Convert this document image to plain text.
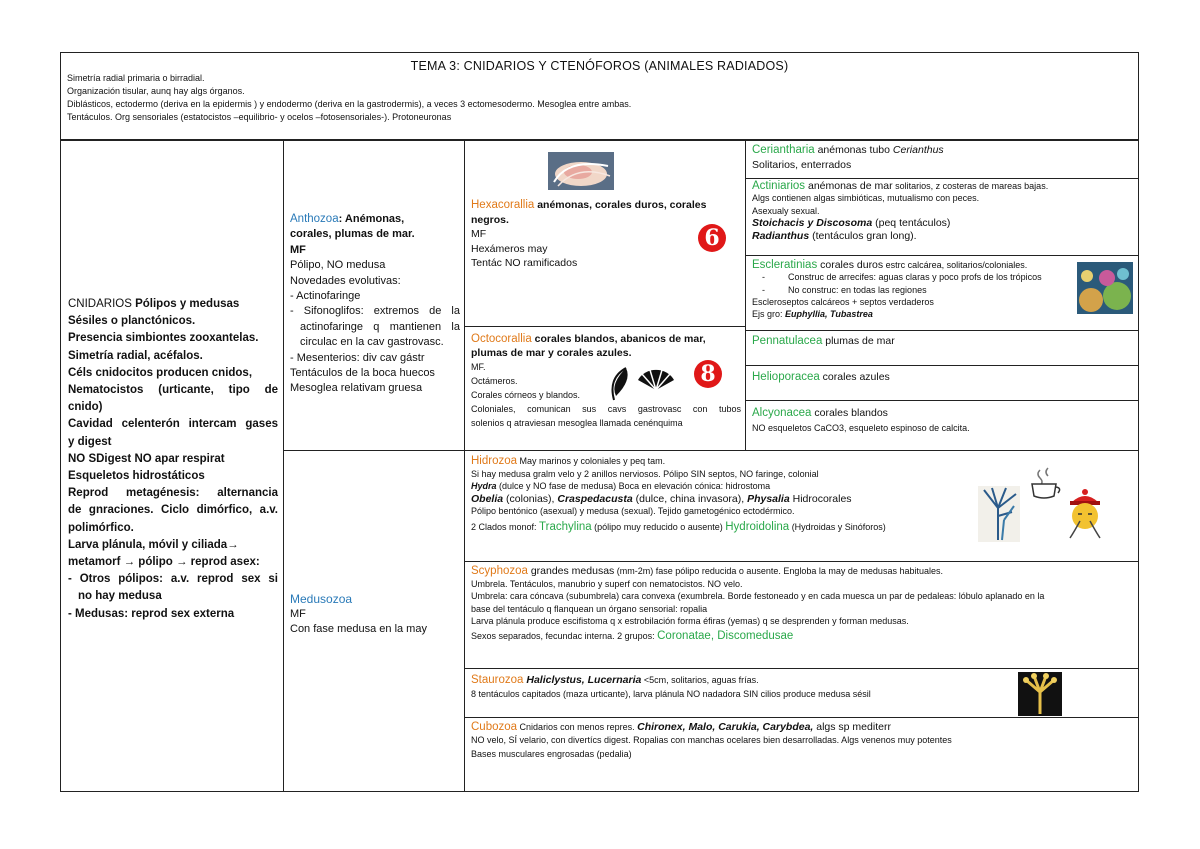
TEMA 3: CNIDARIOS Y CTENÓFOROS (ANIMALES RADIADOS)
Simetría radial primaria o birradial.
Organización tisular, aunq hay algs órganos.
Diblásticos, ectodermo (deriva en la epidermis ) y endodermo (deriva en la gastrodermis), a veces 3 ectomesodermo. Mesoglea entre ambas.
Tentáculos. Org sensoriales (estatocistos –equilibrio- y ocelos –fotosensoriales-). Protoneuronas
CNIDARIOS Pólipos y medusas
Sésiles o planctónicos.
Presencia simbiontes zooxantelas.
Simetría radial, acéfalos.
Céls cnidocitos producen cnidos,
Nematocistos (urticante, tipo de
cnido)
Cavidad celenterón intercam gases
y digest
NO SDigest NO apar respirat
Esqueletos hidrostáticos
Reprod metagénesis: alternancia
de gnraciones. Ciclo dimórfico, a.v.
polimórfico.
Larva plánula, móvil y ciliada→
metamorf → pólipo → reprod asex:
- Otros pólipos: a.v. reprod sex si
no hay medusa
- Medusas: reprod sex externa
Anthozoa: Anémonas,
corales, plumas de mar.
MF
Pólipo, NO medusa
Novedades evolutivas:
- Actinofaringe
- Sifonoglifos: extremos de la
actinofaringe q mantienen la
circulac en la cav gastrovasc.
- Mesenterios: div cav gástr
Tentáculos de la boca huecos
Mesoglea relativam gruesa
Medusozoa
MF
Con fase medusa en la may
Hexacorallia anémonas, corales duros, corales
negros.
MF
Hexámeros may
Tentác NO ramificados
6
Octocorallia corales blandos, abanicos de mar,
plumas de mar y corales azules.
MF.
Octámeros.
Corales córneos y blandos.
Coloniales, comunican sus cavs gastrovasc con tubos
solenios q atraviesan mesoglea llamada cenénquima
8
Ceriantharia anémonas tubo Cerianthus
Solitarios, enterrados
Actiniarios anémonas de mar solitarios, z costeras de mareas bajas.
Algs contienen algas simbióticas, mutualismo con peces.
Asexualy sexual.
Stoichacis y Discosoma (peq tentáculos)
Radianthus (tentáculos gran long).
Escleratinias corales duros estrc calcárea, solitarios/coloniales.
-	Construc de arrecifes: aguas claras y poco profs de los trópicos
-	No construc: en todas las regiones
Escleroseptos calcáreos + septos verdaderos
Ejs gro: Euphyllia, Tubastrea
Pennatulacea plumas de mar
Helioporacea corales azules
Alcyonacea corales blandos
NO esqueletos CaCO3, esqueleto espinoso de calcita.
Hidrozoa May marinos y coloniales y peq tam.
Si hay medusa gralm velo y 2 anillos nerviosos. Pólipo SIN septos, NO faringe, colonial
Hydra (dulce y NO fase de medusa) Boca en elevación cónica: hidrostoma
Obelia (colonias), Craspedacusta (dulce, china invasora), Physalia Hidrocorales
Pólipo bentónico (asexual) y medusa (sexual). Tejido gametogénico ectodérmico.
2 Clados monof: Trachylina (pólipo muy reducido o ausente) Hydroidolina (Hydroidas y Sinóforos)
Scyphozoa grandes medusas (mm-2m) fase pólipo reducida o ausente. Engloba la may de medusas habituales.
Umbrela. Tentáculos, manubrio y superf con nematocistos. NO velo.
Umbrela: cara cóncava (subumbrela) cara convexa (exumbrela. Borde festoneado y en cada muesca un par de pedaleas: lóbulo aplanado en la
base del tentáculo q flanquean un órgano sensorial: ropalia
Larva plánula produce escifistoma q x estrobilación forma éfiras (yemas) q se desprenden y forman medusas.
Sexos separados, fecundac interna. 2 grupos: Coronatae, Discomedusae
Staurozoa Haliclystus, Lucernaria <5cm, solitarios, aguas frías.
8 tentáculos capitados (maza urticante), larva plánula NO nadadora SIN cilios produce medusa sésil
Cubozoa Cnidarios con menos repres. Chironex, Malo, Carukia, Carybdea, algs sp mediterr
NO velo, SÍ velario, con divertícs digest. Ropalias con manchas ocelares bien desarrolladas. Algs venenos muy potentes
Bases musculares engrosadas (pedalia)
